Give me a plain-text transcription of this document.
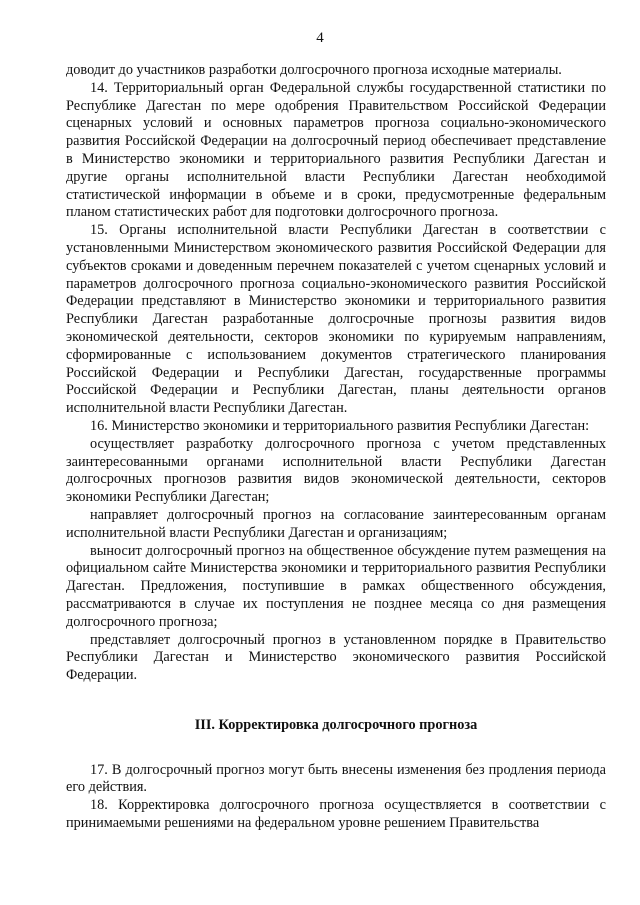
4

доводит до участников разработки долгосрочного прогноза исходные материалы.

14. Территориальный орган Федеральной службы государственной статистики по Республике Дагестан по мере одобрения Правительством Российской Федерации сценарных условий и основных параметров прогноза социально-экономического развития Российской Федерации на долгосрочный период обеспечивает представление в Министерство экономики и территориального развития Республики Дагестан и другие органы исполнительной власти Республики Дагестан необходимой статистической информации в объеме и в сроки, предусмотренные федеральным планом статистических работ для подготовки долгосрочного прогноза.

15. Органы исполнительной власти Республики Дагестан в соответствии с установленными Министерством экономического развития Российской Федерации для субъектов сроками и доведенным перечнем показателей с учетом сценарных условий и параметров долгосрочного прогноза социально-экономического развития Российской Федерации представляют в Министерство экономики и территориального развития Республики Дагестан разработанные долгосрочные прогнозы развития видов экономической деятельности, секторов экономики по курируемым направлениям, сформированные с использованием документов стратегического планирования Российской Федерации и Республики Дагестан, государственные программы Российской Федерации и Республики Дагестан, планы деятельности органов исполнительной власти Республики Дагестан.

16. Министерство экономики и территориального развития Республики Дагестан:

осуществляет разработку долгосрочного прогноза с учетом представленных заинтересованными органами исполнительной власти Республики Дагестан долгосрочных прогнозов развития видов экономической деятельности, секторов экономики Республики Дагестан;

направляет долгосрочный прогноз на согласование заинтересованным органам исполнительной власти Республики Дагестан и организациям;

выносит долгосрочный прогноз на общественное обсуждение путем размещения на официальном сайте Министерства экономики и территориального развития Республики Дагестан. Предложения, поступившие в рамках общественного обсуждения, рассматриваются в случае их поступления не позднее месяца со дня размещения долгосрочного прогноза;

представляет долгосрочный прогноз в установленном порядке в Правительство Республики Дагестан и Министерство экономического развития Российской Федерации.

III. Корректировка долгосрочного прогноза

17. В долгосрочный прогноз могут быть внесены изменения без продления периода его действия.

18. Корректировка долгосрочного прогноза осуществляется в соответствии с принимаемыми решениями на федеральном уровне решением Правительства
